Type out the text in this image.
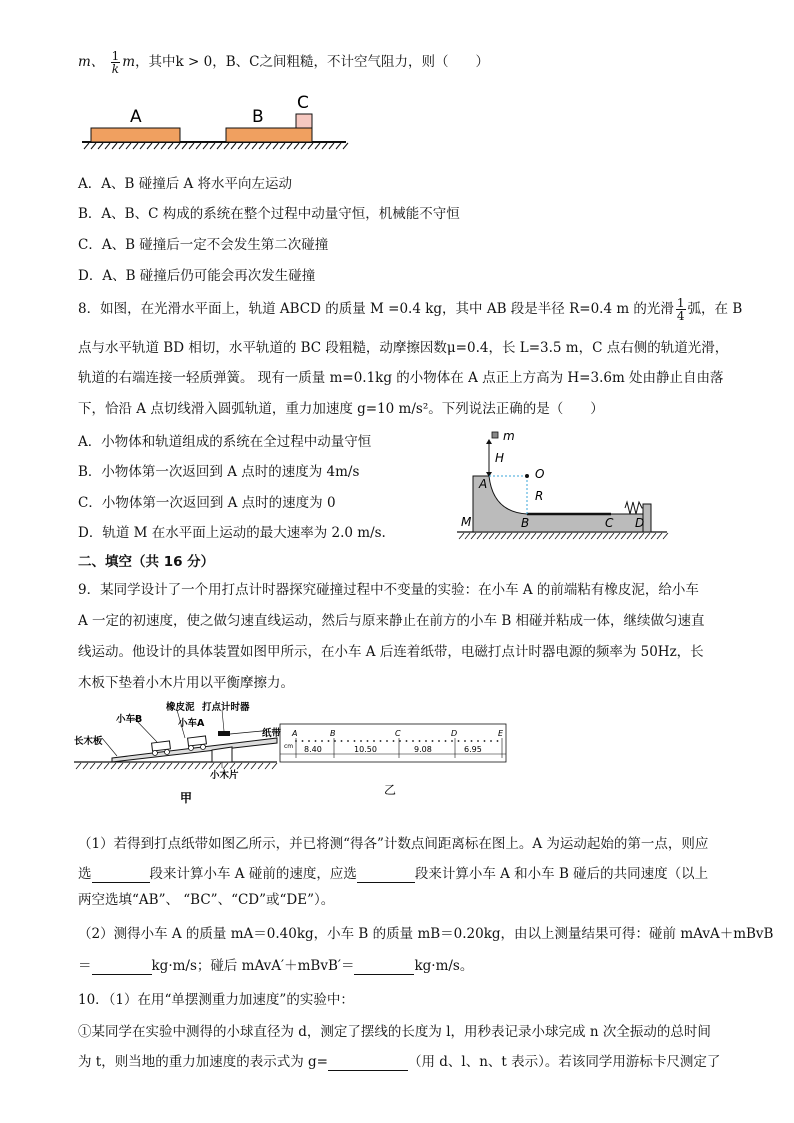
m、 $\frac{1}{k}$ m，其中k > 0，B、C之间粗糙，不计空气阻力，则（　　）
A	B
C
A．A、B 碰撞后 A 将水平向左运动
B．A、B、C 构成的系统在整个过程中动量守恒，机械能不守恒
C．A、B 碰撞后一定不会发生第二次碰撞
D．A、B 碰撞后仍可能会再次发生碰撞
8．如图，在光滑水平面上，轨道 ABCD 的质量 M =0.4 kg，其中 AB 段是半径 R=0.4 m 的光滑 $\frac{1}{4}$ 弧，在 B
点与水平轨道 BD 相切，水平轨道的 BC 段粗糙，动摩擦因数μ=0.4，长 L=3.5 m，C 点右侧的轨道光滑，
轨道的右端连接一轻质弹簧。 现有一质量 m=0.1kg 的小物体在 A 点正上方高为 H=3.6m 处由静止自由落
下，恰沿 A 点切线滑入圆弧轨道，重力加速度 g=10 m/s²。下列说法正确的是（　　）
A．小物体和轨道组成的系统在全过程中动量守恒
B．小物体第一次返回到 A 点时的速度为 4m/s
C．小物体第一次返回到 A 点时的速度为 0
D．轨道 M 在水平面上运动的最大速率为 2.0 m/s.
m
H
O
R
A
M	B	C D
二、填空（共 16 分）
9．某同学设计了一个用打点计时器探究碰撞过程中不变量的实验：在小车 A 的前端粘有橡皮泥，给小车
A 一定的初速度，使之做匀速直线运动，然后与原来静止在前方的小车 B 相碰并粘成一体，继续做匀速直
线运动。他设计的具体装置如图甲所示，在小车 A 后连着纸带，电磁打点计时器电源的频率为 50Hz，长
木板下垫着小木片用以平衡摩擦力。
小车B
橡皮泥 打点计时器
小车A
纸带
长木板
小木片
甲
cm
A	B	C	D	E
8.40	10.50	9.08	6.95
乙
（1）若得到打点纸带如图乙所示，并已将测“得各”计数点间距离标在图上。A 为运动起始的第一点，则应
选	段来计算小车 A 碰前的速度，应选	段来计算小车 A 和小车 B 碰后的共同速度（以上
两空选填“AB”、 “BC”、“CD”或“DE”）。
（2）测得小车 A 的质量 mA＝0.40kg，小车 B 的质量 mB＝0.20kg，由以上测量结果可得：碰前 mAvA＋mBvB
＝	kg·m/s；碰后 mAvA′＋mBvB′＝	kg·m/s。
10．（1）在用“单摆测重力加速度”的实验中：
①某同学在实验中测得的小球直径为 d，测定了摆线的长度为 l，用秒表记录小球完成 n 次全振动的总时间
为 t，则当地的重力加速度的表示式为 g=	（用 d、l、n、t 表示）。若该同学用游标卡尺测定了
